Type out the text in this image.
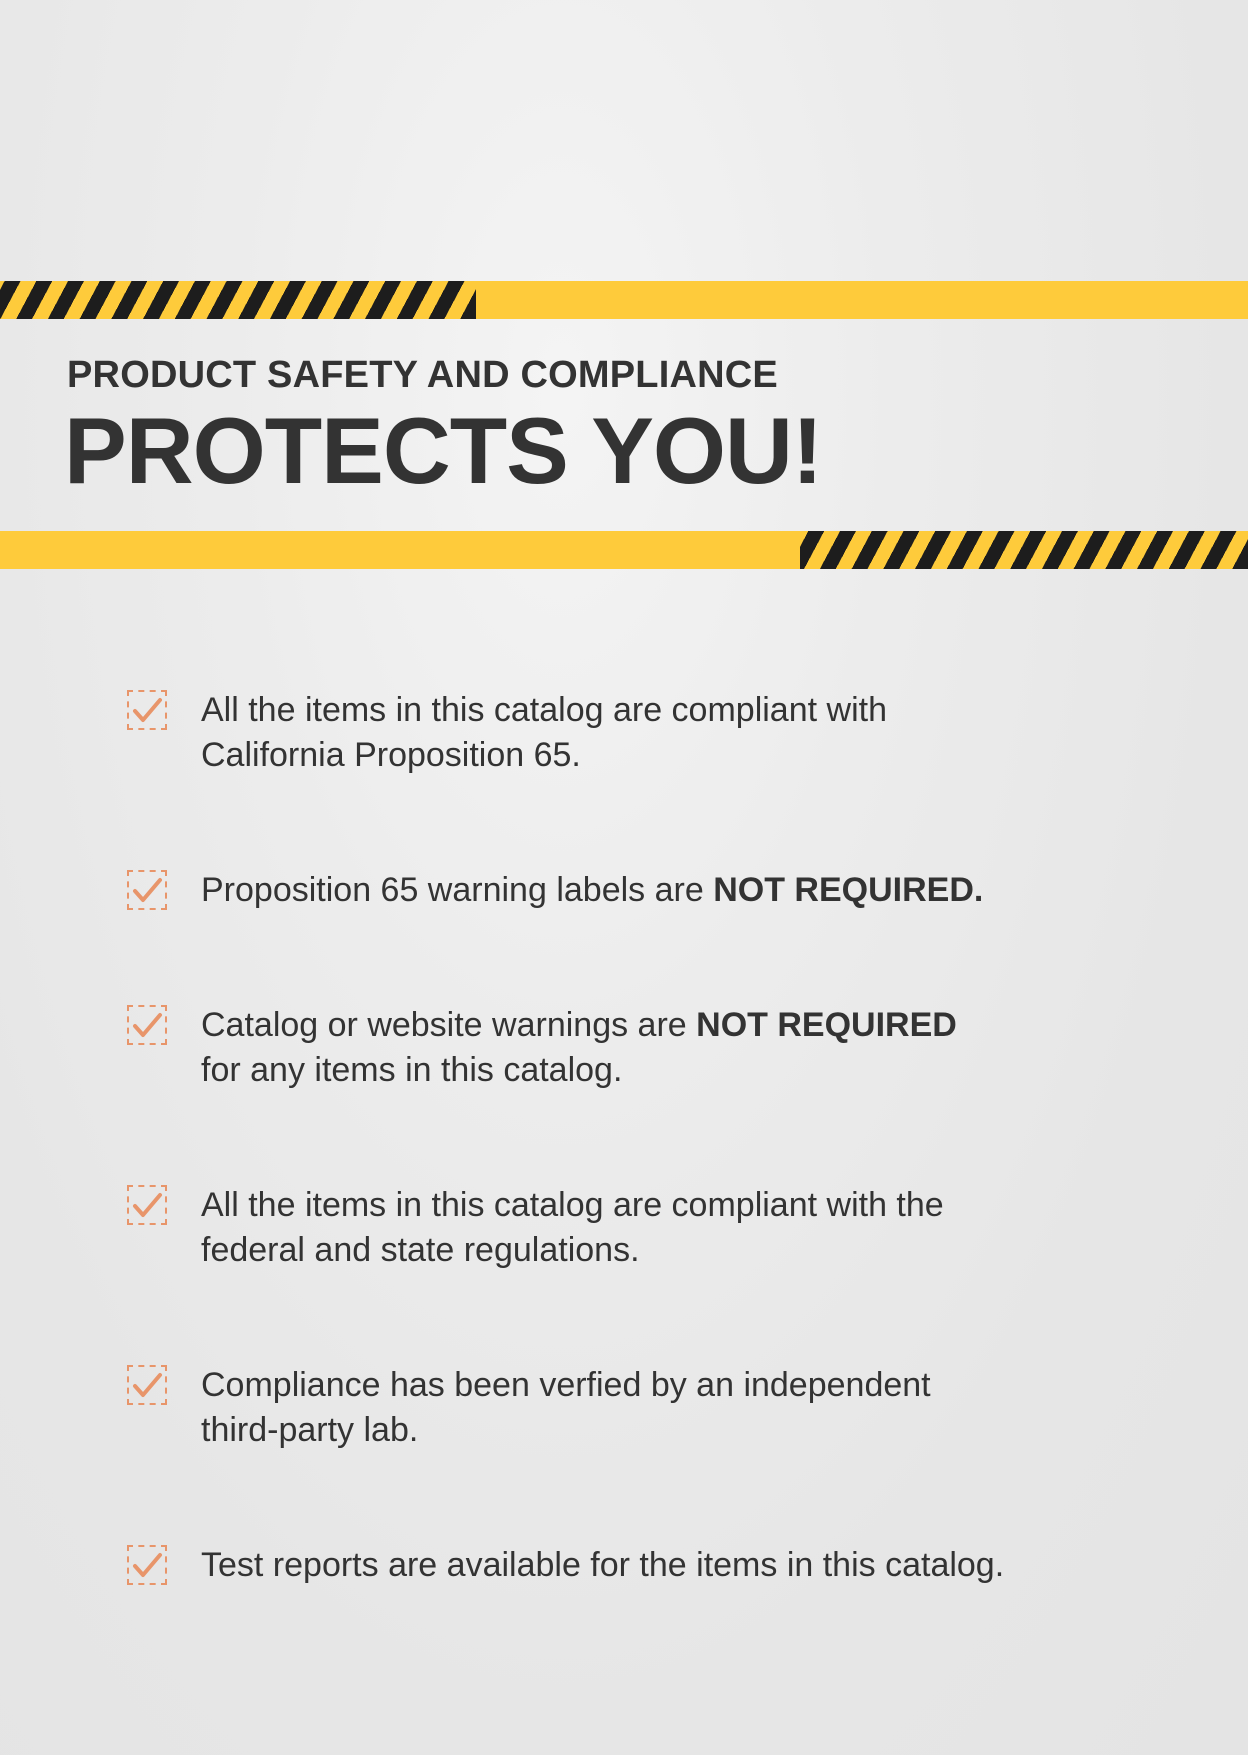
PRODUCT SAFETY AND COMPLIANCE
PROTECTS YOU!
All the items in this catalog are compliant with
California Proposition 65.
Proposition 65 warning labels are NOT REQUIRED.
Catalog or website warnings are NOT REQUIRED
for any items in this catalog.
All the items in this catalog are compliant with the
federal and state regulations.
Compliance has been verfied by an independent
third-party lab.
Test reports are available for the items in this catalog.
